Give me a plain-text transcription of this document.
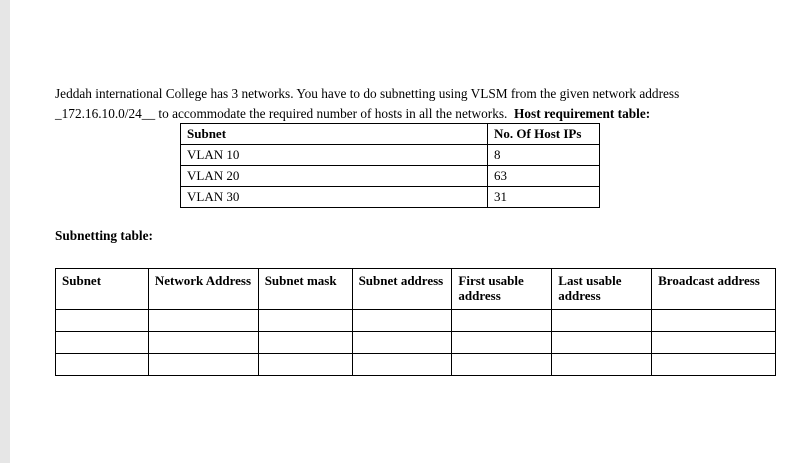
Jeddah international College has 3 networks. You have to do subnetting using VLSM from the given network address

_172.16.10.0/24__ to accommodate the required number of hosts in all the networks. Host requirement table:

Subnet	No. Of Host IPs
VLAN 10	8
VLAN 20	63
VLAN 30	31

Subnetting table:

Subnet	Network Address	Subnet mask	Subnet address	First usable address	Last usable address	Broadcast address
